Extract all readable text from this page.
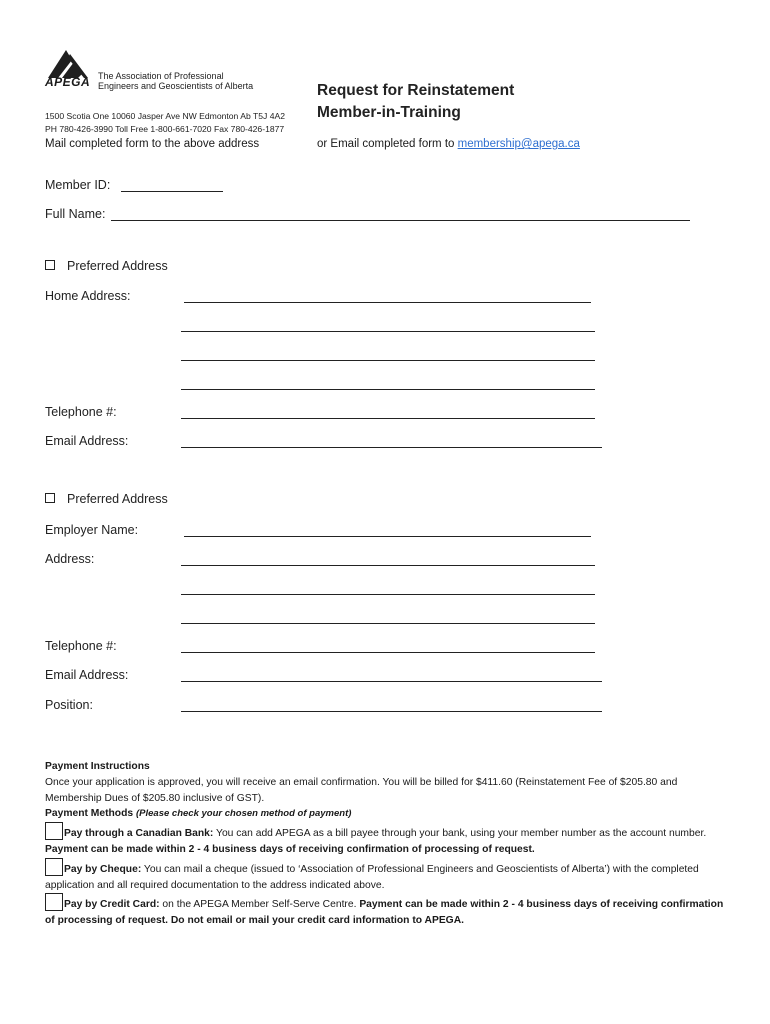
APEGA The Association of Professional
Engineers and Geoscientists of Alberta
1500 Scotia One 10060 Jasper Ave NW Edmonton Ab T5J 4A2
PH 780-426-3990 Toll Free 1-800-661-7020 Fax 780-426-1877
Mail completed form to the above address
Request for Reinstatement
Member-in-Training
or Email completed form to membership@apega.ca
Member ID:
Full Name:
Preferred Address
Home Address:
Telephone #:
Email Address:
Preferred Address
Employer Name:
Address:
Telephone #:
Email Address:
Position:
Payment Instructions
Once your application is approved, you will receive an email confirmation. You will be billed for $411.60 (Reinstatement Fee of $205.80 and Membership Dues of $205.80 inclusive of GST).
Payment Methods (Please check your chosen method of payment)
Pay through a Canadian Bank: You can add APEGA as a bill payee through your bank, using your member number as the account number. Payment can be made within 2 - 4 business days of receiving confirmation of processing of request.
Pay by Cheque: You can mail a cheque (issued to ‘Association of Professional Engineers and Geoscientists of Alberta’) with the completed application and all required documentation to the address indicated above.
Pay by Credit Card: on the APEGA Member Self-Serve Centre. Payment can be made within 2 - 4 business days of receiving confirmation of processing of request. Do not email or mail your credit card information to APEGA.
